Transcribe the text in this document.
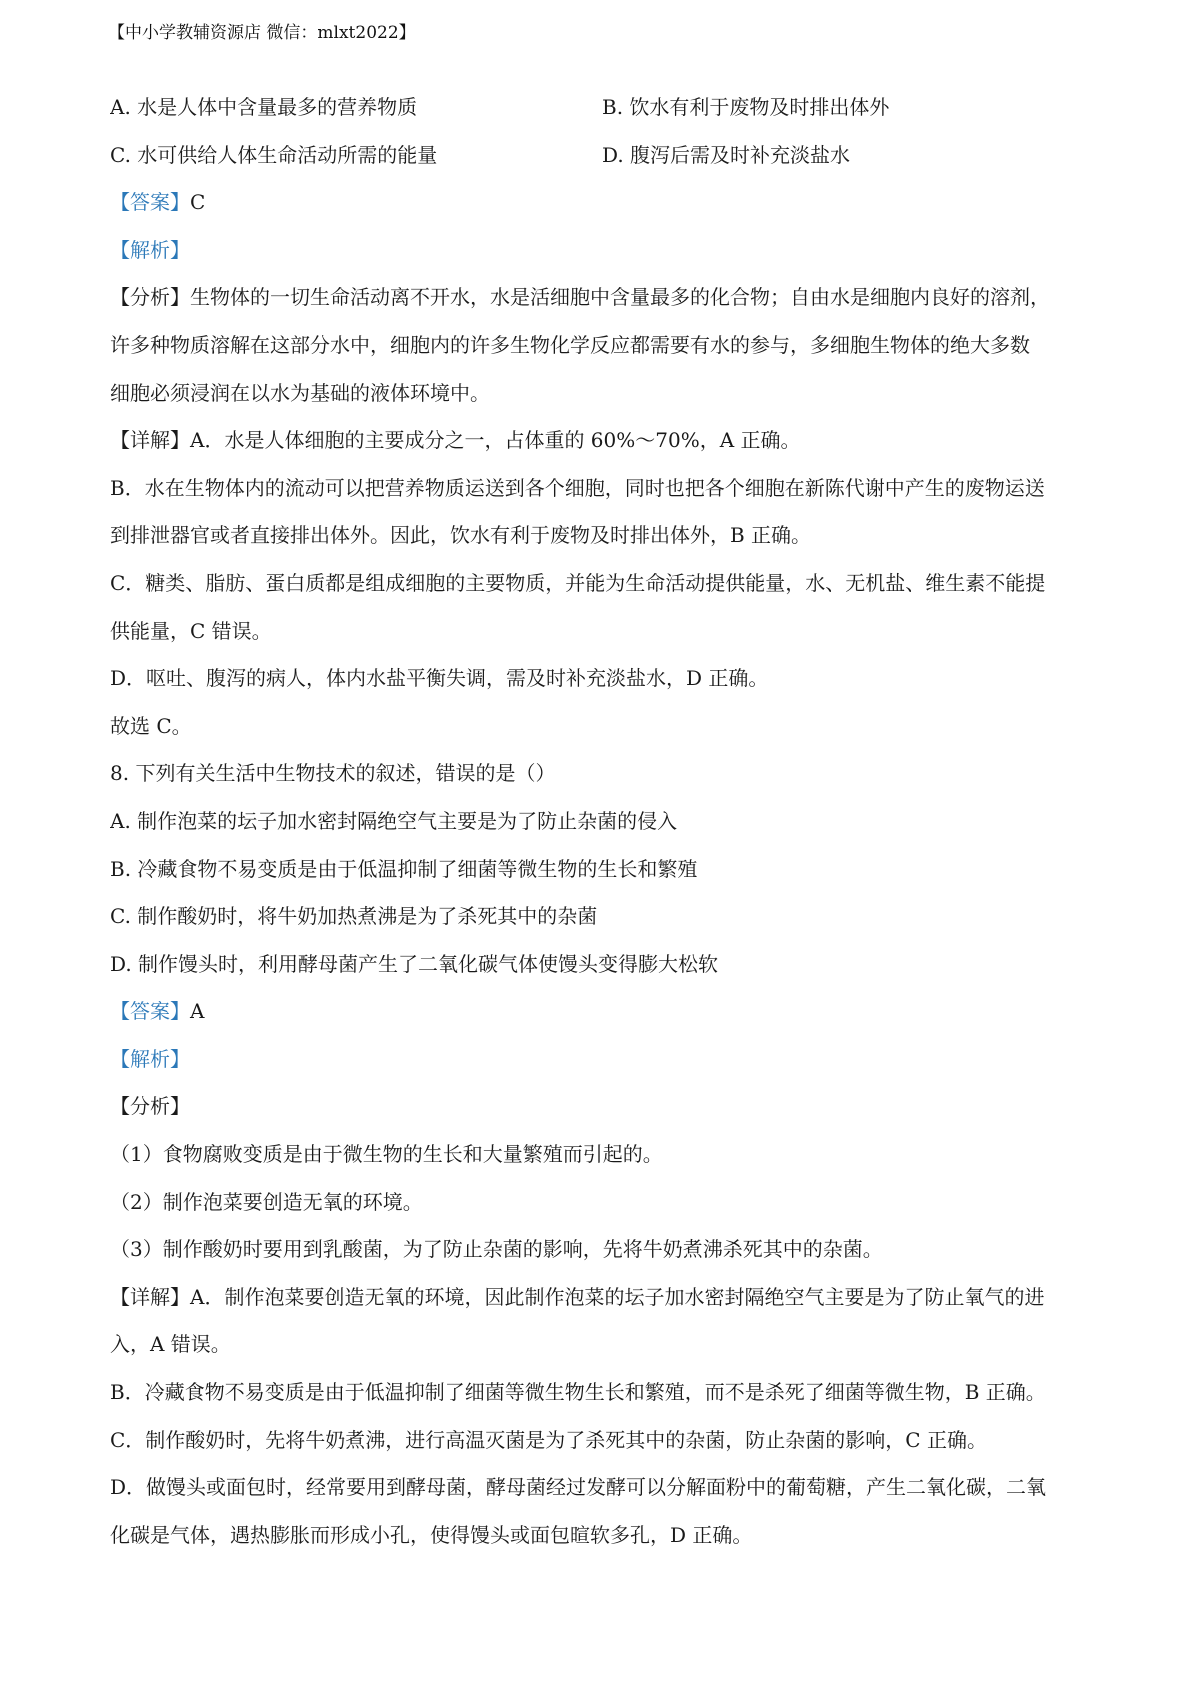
【中小学教辅资源店 微信：mlxt2022】
A. 水是人体中含量最多的营养物质	B. 饮水有利于废物及时排出体外
C. 水可供给人体生命活动所需的能量	D. 腹泻后需及时补充淡盐水
【答案】C
【解析】
【分析】生物体的一切生命活动离不开水，水是活细胞中含量最多的化合物；自由水是细胞内良好的溶剂，
许多种物质溶解在这部分水中，细胞内的许多生物化学反应都需要有水的参与，多细胞生物体的绝大多数
细胞必须浸润在以水为基础的液体环境中。
【详解】A．水是人体细胞的主要成分之一，占体重的 60%～70%，A 正确。
B．水在生物体内的流动可以把营养物质运送到各个细胞，同时也把各个细胞在新陈代谢中产生的废物运送
到排泄器官或者直接排出体外。因此，饮水有利于废物及时排出体外，B 正确。
C．糖类、脂肪、蛋白质都是组成细胞的主要物质，并能为生命活动提供能量，水、无机盐、维生素不能提
供能量，C 错误。
D．呕吐、腹泻的病人，体内水盐平衡失调，需及时补充淡盐水，D 正确。
故选 C。
8. 下列有关生活中生物技术的叙述，错误的是（）
A. 制作泡菜的坛子加水密封隔绝空气主要是为了防止杂菌的侵入
B. 冷藏食物不易变质是由于低温抑制了细菌等微生物的生长和繁殖
C. 制作酸奶时，将牛奶加热煮沸是为了杀死其中的杂菌
D. 制作馒头时，利用酵母菌产生了二氧化碳气体使馒头变得膨大松软
【答案】A
【解析】
【分析】
（1）食物腐败变质是由于微生物的生长和大量繁殖而引起的。
（2）制作泡菜要创造无氧的环境。
（3）制作酸奶时要用到乳酸菌，为了防止杂菌的影响，先将牛奶煮沸杀死其中的杂菌。
【详解】A．制作泡菜要创造无氧的环境，因此制作泡菜的坛子加水密封隔绝空气主要是为了防止氧气的进
入，A 错误。
B．冷藏食物不易变质是由于低温抑制了细菌等微生物生长和繁殖，而不是杀死了细菌等微生物，B 正确。
C．制作酸奶时，先将牛奶煮沸，进行高温灭菌是为了杀死其中的杂菌，防止杂菌的影响，C 正确。
D．做馒头或面包时，经常要用到酵母菌，酵母菌经过发酵可以分解面粉中的葡萄糖，产生二氧化碳，二氧
化碳是气体，遇热膨胀而形成小孔，使得馒头或面包暄软多孔，D 正确。
